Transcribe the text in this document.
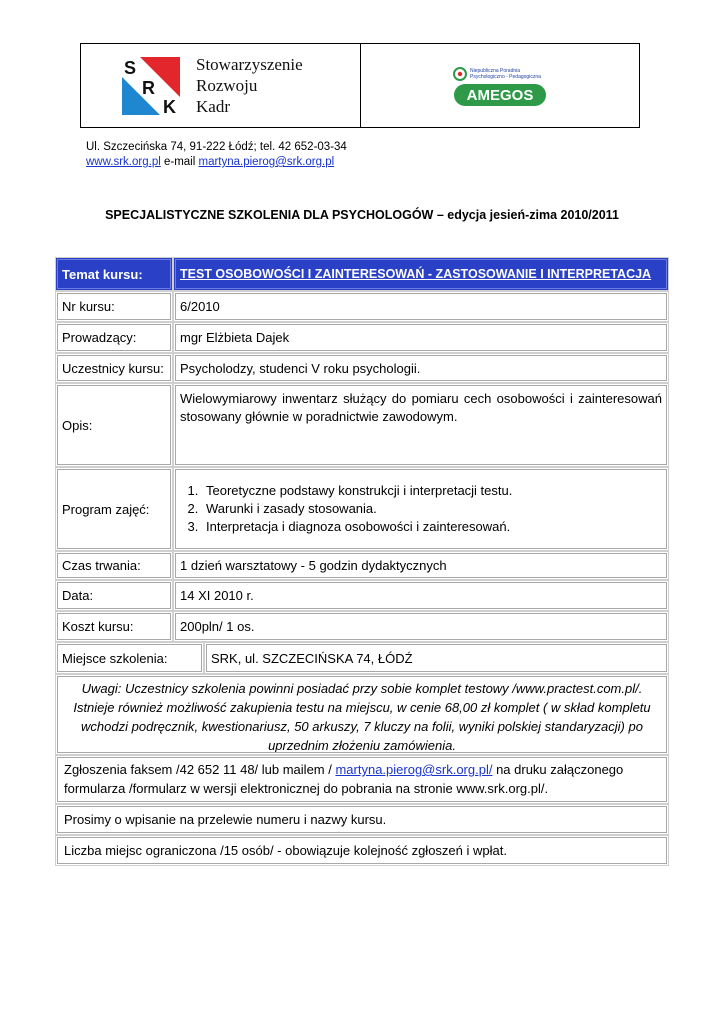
S
R
K
Stowarzyszenie
Rozwoju
Kadr
Niepubliczna Poradnia
Psychologiczno - Pedagogiczna
AMEGOS
Ul. Szczecińska 74, 91-222 Łódź; tel. 42 652-03-34
www.srk.org.pl e-mail martyna.pierog@srk.org.pl
SPECJALISTYCZNE SZKOLENIA DLA PSYCHOLOGÓW – edycja jesień-zima 2010/2011
Temat kursu:	TEST OSOBOWOŚCI I ZAINTERESOWAŃ - ZASTOSOWANIE I INTERPRETACJA
Nr kursu:	6/2010
Prowadzący:	mgr Elżbieta Dajek
Uczestnicy kursu:	Psycholodzy, studenci V roku psychologii.
Opis:
Wielowymiarowy inwentarz służący do pomiaru cech osobowości i zainteresowań stosowany głównie w poradnictwie zawodowym.
Program zajęć:
1. Teoretyczne podstawy konstrukcji i interpretacji testu.
2. Warunki i zasady stosowania.
3. Interpretacja i diagnoza osobowości i zainteresowań.
Czas trwania:	1 dzień warsztatowy - 5 godzin dydaktycznych
Data:	14 XI 2010 r.
Koszt kursu:	200pln/ 1 os.
Miejsce szkolenia:	SRK, ul. SZCZECIŃSKA 74, ŁÓDŹ
Uwagi: Uczestnicy szkolenia powinni posiadać przy sobie komplet testowy /www.practest.com.pl/. Istnieje również możliwość zakupienia testu na miejscu, w cenie 68,00 zł komplet ( w skład kompletu wchodzi podręcznik, kwestionariusz, 50 arkuszy, 7 kluczy na folii, wyniki polskiej standaryzacji) po uprzednim złożeniu zamówienia.
Zgłoszenia faksem /42 652 11 48/ lub mailem / martyna.pierog@srk.org.pl/ na druku załączonego formularza /formularz w wersji elektronicznej do pobrania na stronie www.srk.org.pl/.
Prosimy o wpisanie na przelewie numeru i nazwy kursu.
Liczba miejsc ograniczona /15 osób/ - obowiązuje kolejność zgłoszeń i wpłat.
